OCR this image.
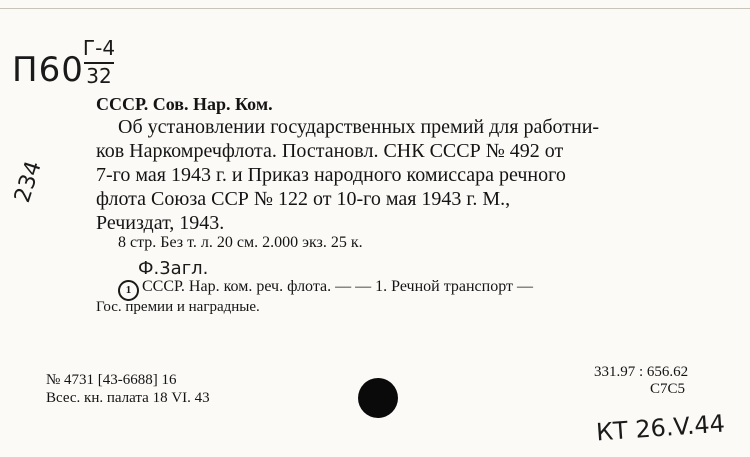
П60
Г-4
32
234
СССР. Сов. Нар. Ком.
Об установлении государственных премий для работни-
ков Наркомречфлота. Постановл. СНК СССР № 492 от
7-го мая 1943 г. и Приказ народного комиссара речного
флота Союза ССР № 122 от 10-го мая 1943 г. М.,
Речиздат, 1943.
8 стр. Без т. л. 20 см. 2.000 экз. 25 к.
Ф.3агл.
1 СССР. Нар. ком. реч. флота. — — 1. Речной транспорт —
Гос. премии и наградные.
№ 4731 [43-6688] 16
Всес. кн. палата 18 VI. 43
331.97 : 656.62
С7С5
КТ 26.V.44
